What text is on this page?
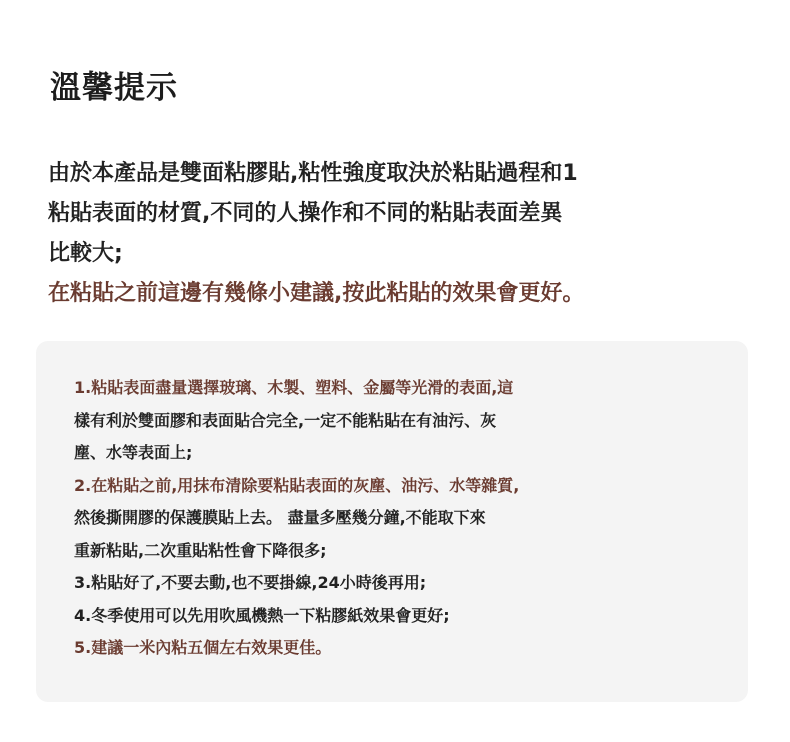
溫馨提示

由於本產品是雙面粘膠貼,粘性強度取決於粘貼過程和1

粘貼表面的材質,不同的人操作和不同的粘貼表面差異

比較大;

在粘貼之前這邊有幾條小建議,按此粘貼的效果會更好。

1.粘貼表面盡量選擇玻璃、木製、塑料、金屬等光滑的表面,這

樣有利於雙面膠和表面貼合完全,一定不能粘貼在有油污、灰

塵、水等表面上;

2.在粘貼之前,用抹布清除要粘貼表面的灰塵、油污、水等雜質,

然後撕開膠的保護膜貼上去。 盡量多壓幾分鐘,不能取下來

重新粘貼,二次重貼粘性會下降很多;

3.粘貼好了,不要去動,也不要掛線,24小時後再用;

4.冬季使用可以先用吹風機熱一下粘膠紙效果會更好;

5.建議一米內粘五個左右效果更佳。
